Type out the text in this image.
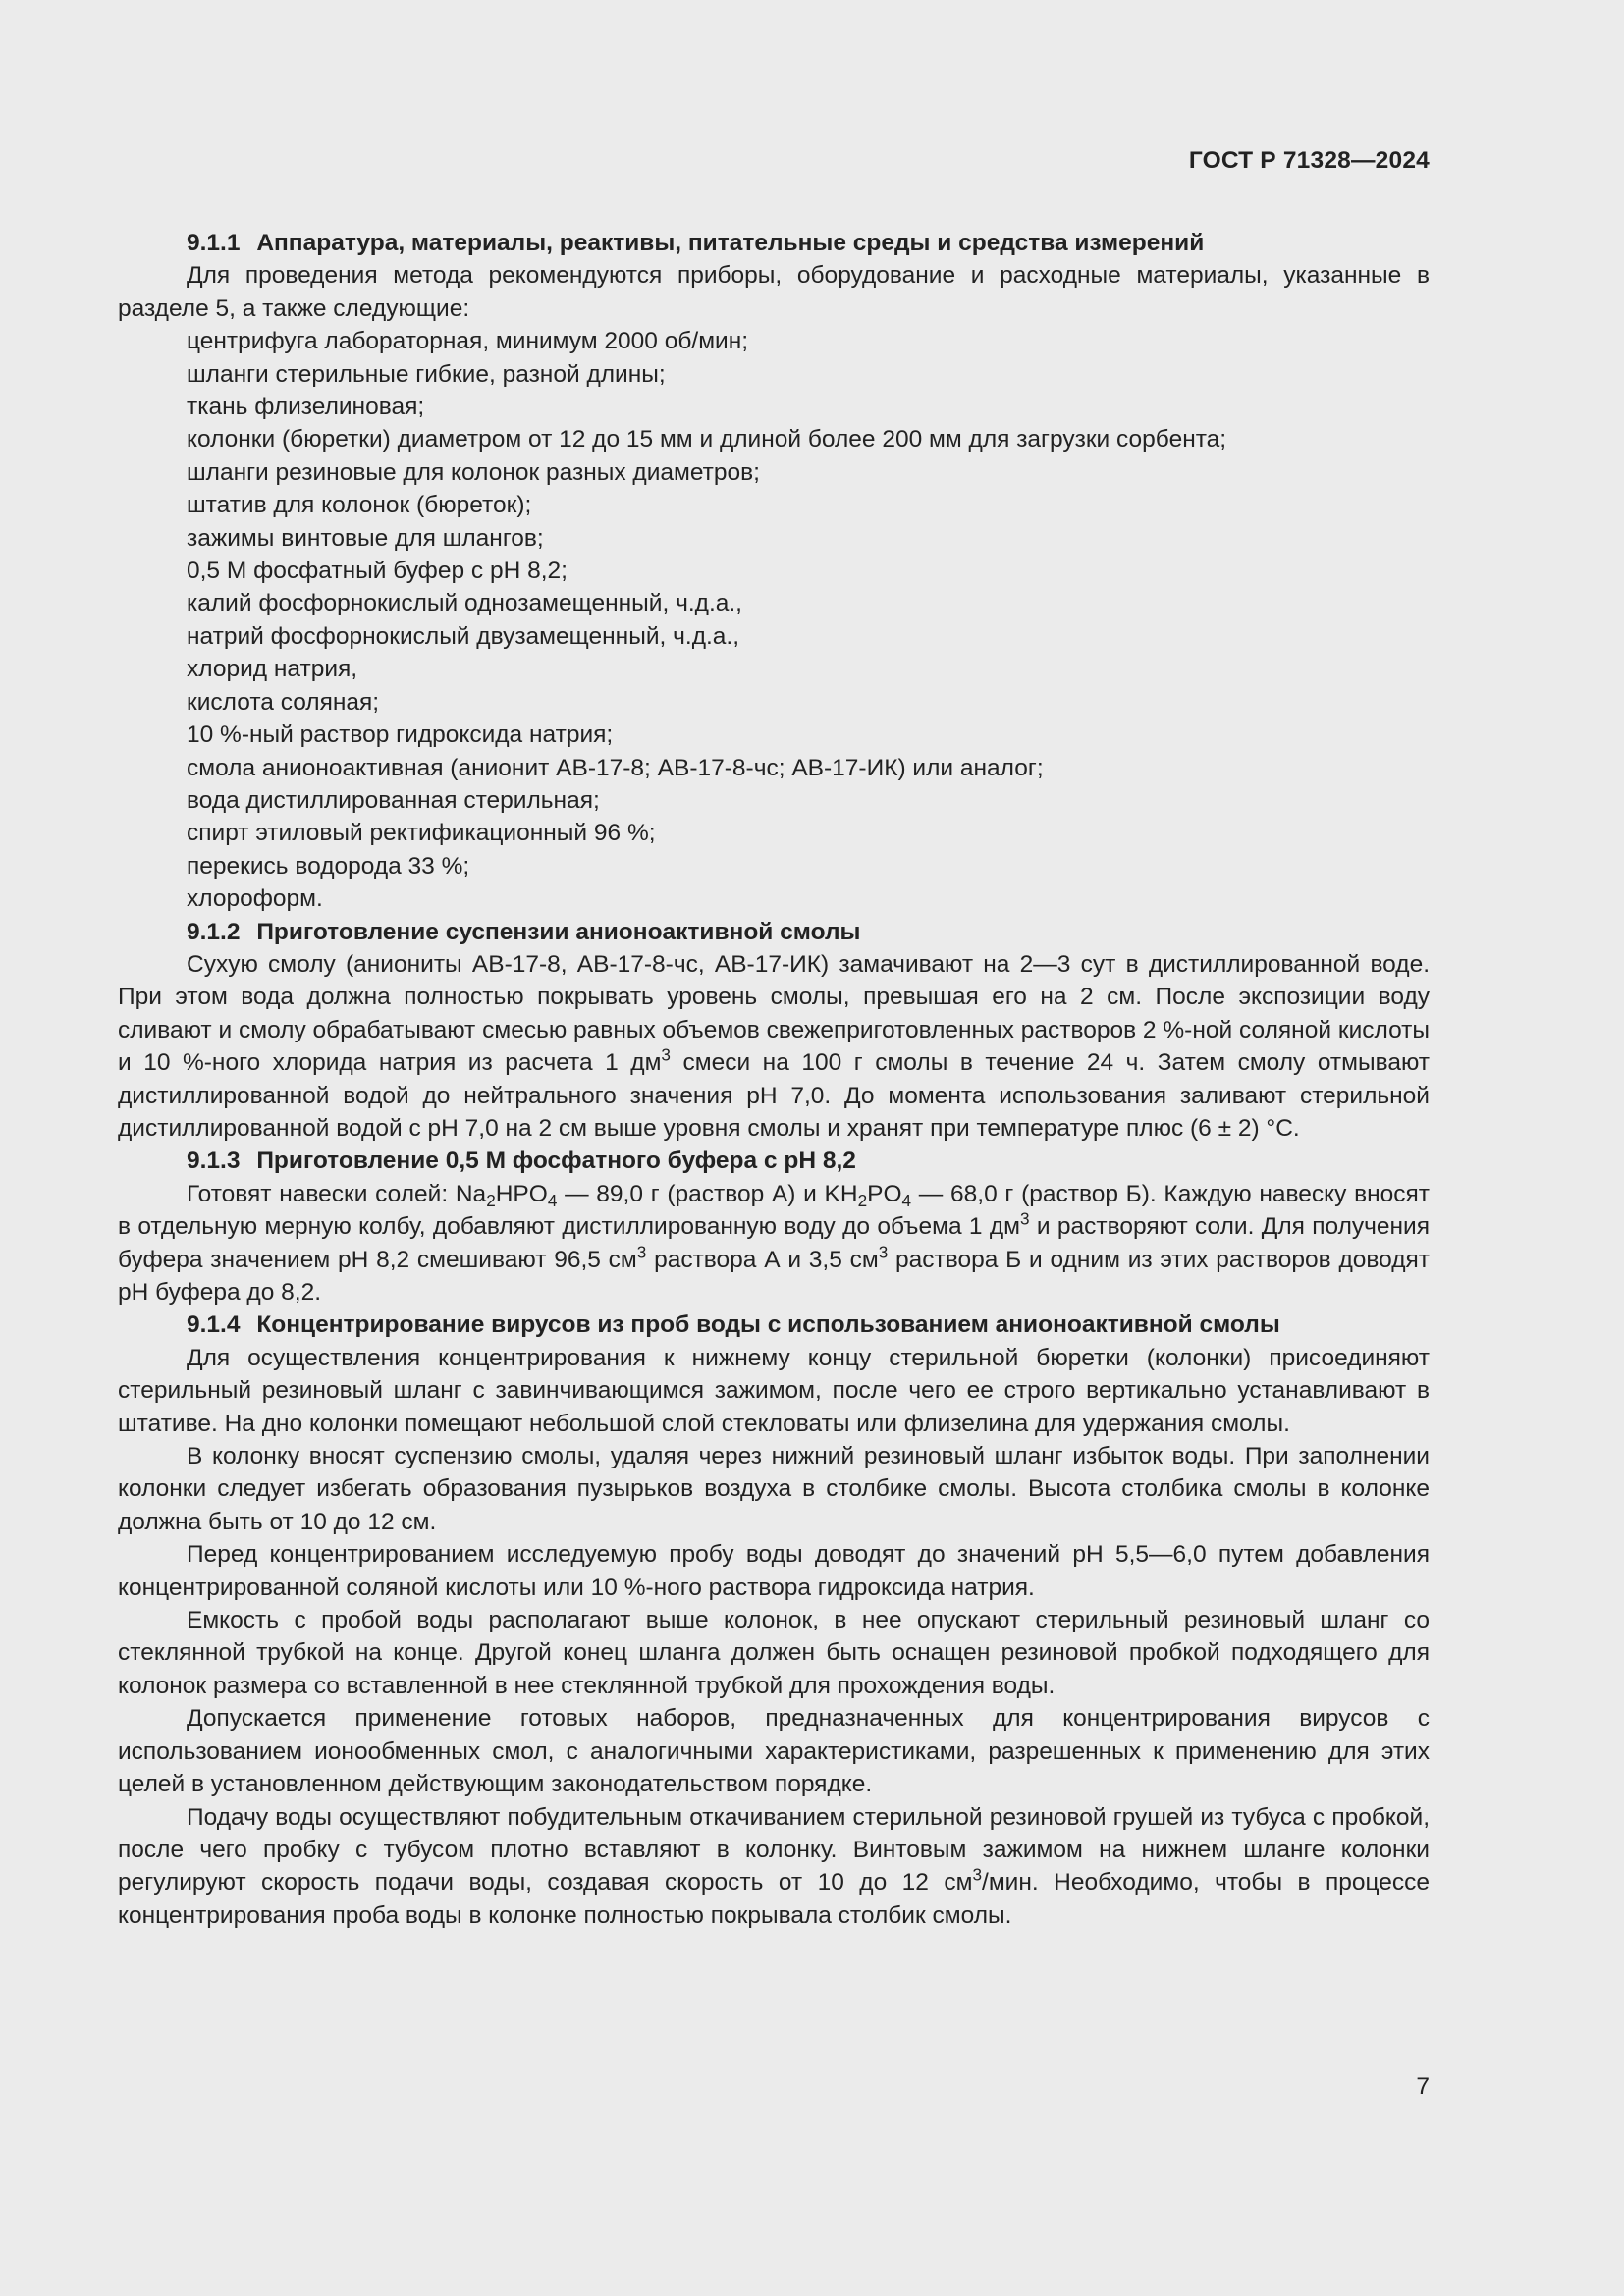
ГОСТ Р 71328—2024
9.1.1 Аппаратура, материалы, реактивы, питательные среды и средства измерений

Для проведения метода рекомендуются приборы, оборудование и расходные материалы, указанные в разделе 5, а также следующие:

центрифуга лабораторная, минимум 2000 об/мин;

шланги стерильные гибкие, разной длины;

ткань флизелиновая;

колонки (бюретки) диаметром от 12 до 15 мм и длиной более 200 мм для загрузки сорбента;

шланги резиновые для колонок разных диаметров;

штатив для колонок (бюреток);

зажимы винтовые для шлангов;

0,5 М фосфатный буфер с рН 8,2;

калий фосфорнокислый однозамещенный, ч.д.а.,

натрий фосфорнокислый двузамещенный, ч.д.а.,

хлорид натрия,

кислота соляная;

10 %-ный раствор гидроксида натрия;

смола анионоактивная (анионит АВ-17-8; АВ-17-8-чс; АВ-17-ИК) или аналог;

вода дистиллированная стерильная;

спирт этиловый ректификационный 96 %;

перекись водорода 33 %;

хлороформ.

9.1.2 Приготовление суспензии анионоактивной смолы

Сухую смолу (аниониты АВ-17-8, АВ-17-8-чс, АВ-17-ИК) замачивают на 2—3 сут в дистиллированной воде. При этом вода должна полностью покрывать уровень смолы, превышая его на 2 см. После экспозиции воду сливают и смолу обрабатывают смесью равных объемов свежеприготовленных растворов 2 %-ной соляной кислоты и 10 %-ного хлорида натрия из расчета 1 $дм^3$ смеси на 100 г смолы в течение 24 ч. Затем смолу отмывают дистиллированной водой до нейтрального значения рН 7,0. До момента использования заливают стерильной дистиллированной водой с рН 7,0 на 2 см выше уровня смолы и хранят при температуре плюс (6 ± 2) °С.

9.1.3 Приготовление 0,5 М фосфатного буфера с рН 8,2

Готовят навески солей: $Na_2HPO_4$ — 89,0 г (раствор А) и $KH_2PO_4$ — 68,0 г (раствор Б). Каждую навеску вносят в отдельную мерную колбу, добавляют дистиллированную воду до объема 1 $дм^3$ и растворяют соли. Для получения буфера значением рН 8,2 смешивают 96,5 $см^3$ раствора А и 3,5 $см^3$ раствора Б и одним из этих растворов доводят рН буфера до 8,2.

9.1.4 Концентрирование вирусов из проб воды с использованием анионоактивной смолы

Для осуществления концентрирования к нижнему концу стерильной бюретки (колонки) присоединяют стерильный резиновый шланг с завинчивающимся зажимом, после чего ее строго вертикально устанавливают в штативе. На дно колонки помещают небольшой слой стекловаты или флизелина для удержания смолы.

В колонку вносят суспензию смолы, удаляя через нижний резиновый шланг избыток воды. При заполнении колонки следует избегать образования пузырьков воздуха в столбике смолы. Высота столбика смолы в колонке должна быть от 10 до 12 см.

Перед концентрированием исследуемую пробу воды доводят до значений рН 5,5—6,0 путем добавления концентрированной соляной кислоты или 10 %-ного раствора гидроксида натрия.

Емкость с пробой воды располагают выше колонок, в нее опускают стерильный резиновый шланг со стеклянной трубкой на конце. Другой конец шланга должен быть оснащен резиновой пробкой подходящего для колонок размера со вставленной в нее стеклянной трубкой для прохождения воды.

Допускается применение готовых наборов, предназначенных для концентрирования вирусов с использованием ионообменных смол, с аналогичными характеристиками, разрешенных к применению для этих целей в установленном действующим законодательством порядке.

Подачу воды осуществляют побудительным откачиванием стерильной резиновой грушей из тубуса с пробкой, после чего пробку с тубусом плотно вставляют в колонку. Винтовым зажимом на нижнем шланге колонки регулируют скорость подачи воды, создавая скорость от 10 до 12 $см^3$/мин. Необходимо, чтобы в процессе концентрирования проба воды в колонке полностью покрывала столбик смолы.

7
